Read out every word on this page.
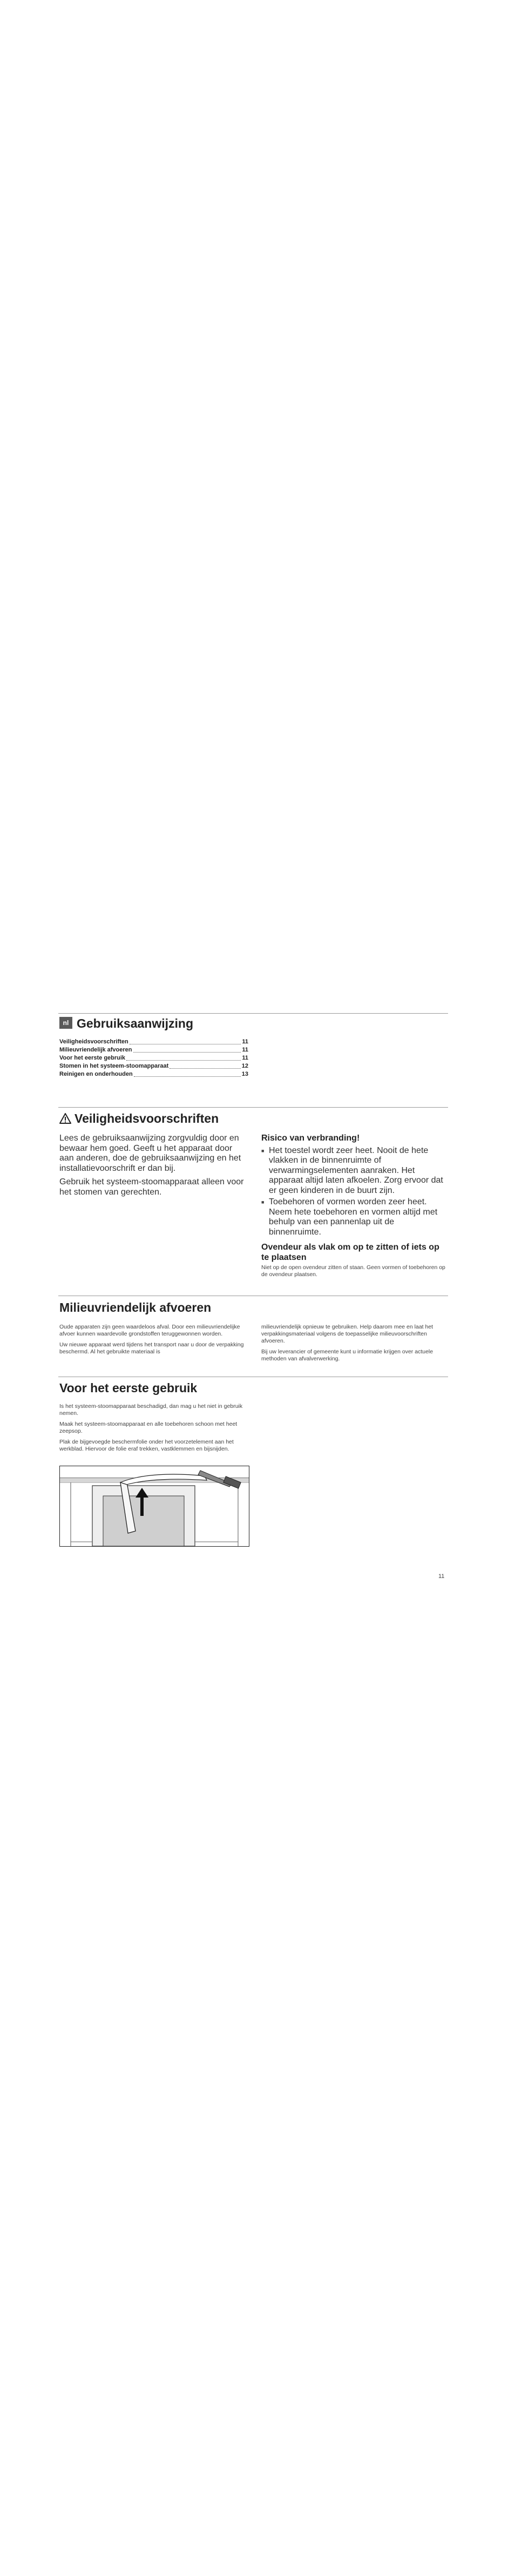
nl Gebruiksaanwijzing
Veiligheidsvoorschriften	11
Milieuvriendelijk afvoeren	11
Voor het eerste gebruik	11
Stomen in het systeem-stoomapparaat	12
Reinigen en onderhouden	13
Veiligheidsvoorschriften

Lees de gebruiksaanwijzing zorgvuldig door en bewaar hem goed. Geeft u het apparaat door aan anderen, doe de gebruiksaanwijzing en het installatievoorschrift er dan bij.

Gebruik het systeem-stoomapparaat alleen voor het stomen van gerechten.

Risico van verbranding!
■ Het toestel wordt zeer heet. Nooit de hete vlakken in de binnenruimte of verwarmingselementen aanraken. Het apparaat altijd laten afkoelen. Zorg ervoor dat er geen kinderen in de buurt zijn.
■ Toebehoren of vormen worden zeer heet. Neem hete toebehoren en vormen altijd met behulp van een pannenlap uit de binnenruimte.
Ovendeur als vlak om op te zitten of iets op te plaatsen
Niet op de open ovendeur zitten of staan. Geen vormen of toebehoren op de ovendeur plaatsen.
Milieuvriendelijk afvoeren

Oude apparaten zijn geen waardeloos afval. Door een milieuvriendelijke afvoer kunnen waardevolle grondstoffen teruggewonnen worden.

Uw nieuwe apparaat werd tijdens het transport naar u door de verpakking beschermd. Al het gebruikte materiaal is

milieuvriendelijk opnieuw te gebruiken. Help daarom mee en laat het verpakkingsmateriaal volgens de toepasselijke milieuvoorschriften afvoeren.

Bij uw leverancier of gemeente kunt u informatie krijgen over actuele methoden van afvalverwerking.

Voor het eerste gebruik

Is het systeem-stoomapparaat beschadigd, dan mag u het niet in gebruik nemen.

Maak het systeem-stoomapparaat en alle toebehoren schoon met heet zeepsop.

Plak de bijgevoegde beschermfolie onder het voorzetelement aan het werkblad. Hiervoor de folie eraf trekken, vastklemmen en bijsnijden.

11
